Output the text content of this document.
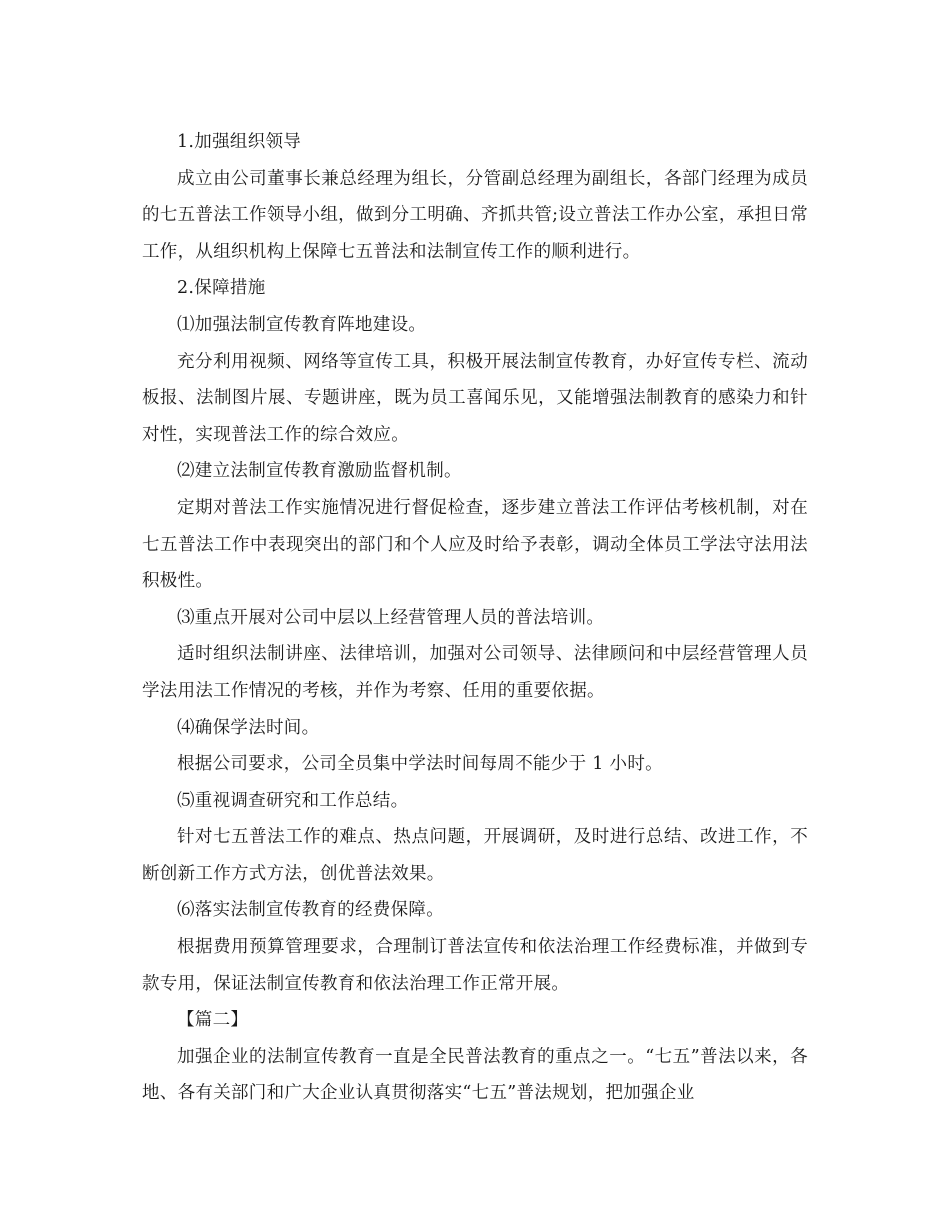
1.加强组织领导

成立由公司董事长兼总经理为组长，分管副总经理为副组长，各部门经理为成员的七五普法工作领导小组，做到分工明确、齐抓共管;设立普法工作办公室，承担日常工作，从组织机构上保障七五普法和法制宣传工作的顺利进行。

2.保障措施

⑴加强法制宣传教育阵地建设。

充分利用视频、网络等宣传工具，积极开展法制宣传教育，办好宣传专栏、流动板报、法制图片展、专题讲座，既为员工喜闻乐见，又能增强法制教育的感染力和针对性，实现普法工作的综合效应。

⑵建立法制宣传教育激励监督机制。

定期对普法工作实施情况进行督促检查，逐步建立普法工作评估考核机制，对在七五普法工作中表现突出的部门和个人应及时给予表彰，调动全体员工学法守法用法积极性。

⑶重点开展对公司中层以上经营管理人员的普法培训。

适时组织法制讲座、法律培训，加强对公司领导、法律顾问和中层经营管理人员学法用法工作情况的考核，并作为考察、任用的重要依据。

⑷确保学法时间。

根据公司要求，公司全员集中学法时间每周不能少于 1 小时。

⑸重视调查研究和工作总结。

针对七五普法工作的难点、热点问题，开展调研，及时进行总结、改进工作，不断创新工作方式方法，创优普法效果。

⑹落实法制宣传教育的经费保障。

根据费用预算管理要求，合理制订普法宣传和依法治理工作经费标准，并做到专款专用，保证法制宣传教育和依法治理工作正常开展。

【篇二】

加强企业的法制宣传教育一直是全民普法教育的重点之一。“七五”普法以来，各地、各有关部门和广大企业认真贯彻落实“七五”普法规划，把加强企业
